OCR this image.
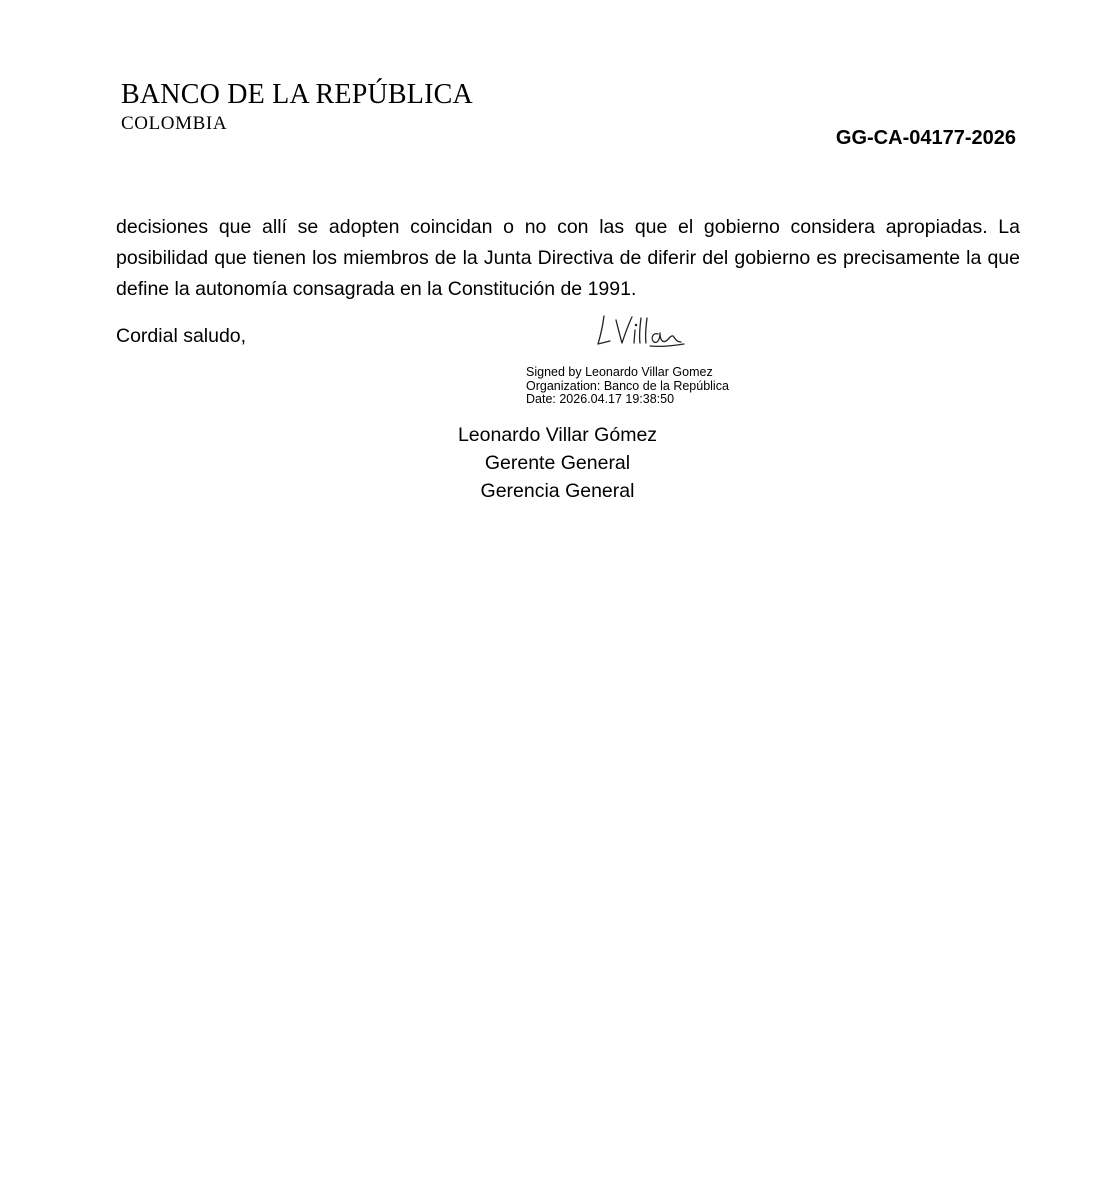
BANCO DE LA REPÚBLICA
COLOMBIA
GG-CA-04177-2026

decisiones que allí se adopten coincidan o no con las que el gobierno considera apropiadas. La posibilidad que tienen los miembros de la Junta Directiva de diferir del gobierno es precisamente la que define la autonomía consagrada en la Constitución de 1991.

Cordial saludo,
Signed by Leonardo Villar Gomez
Organization: Banco de la República
Date: 2026.04.17 19:38:50
Leonardo Villar Gómez
Gerente General
Gerencia General
